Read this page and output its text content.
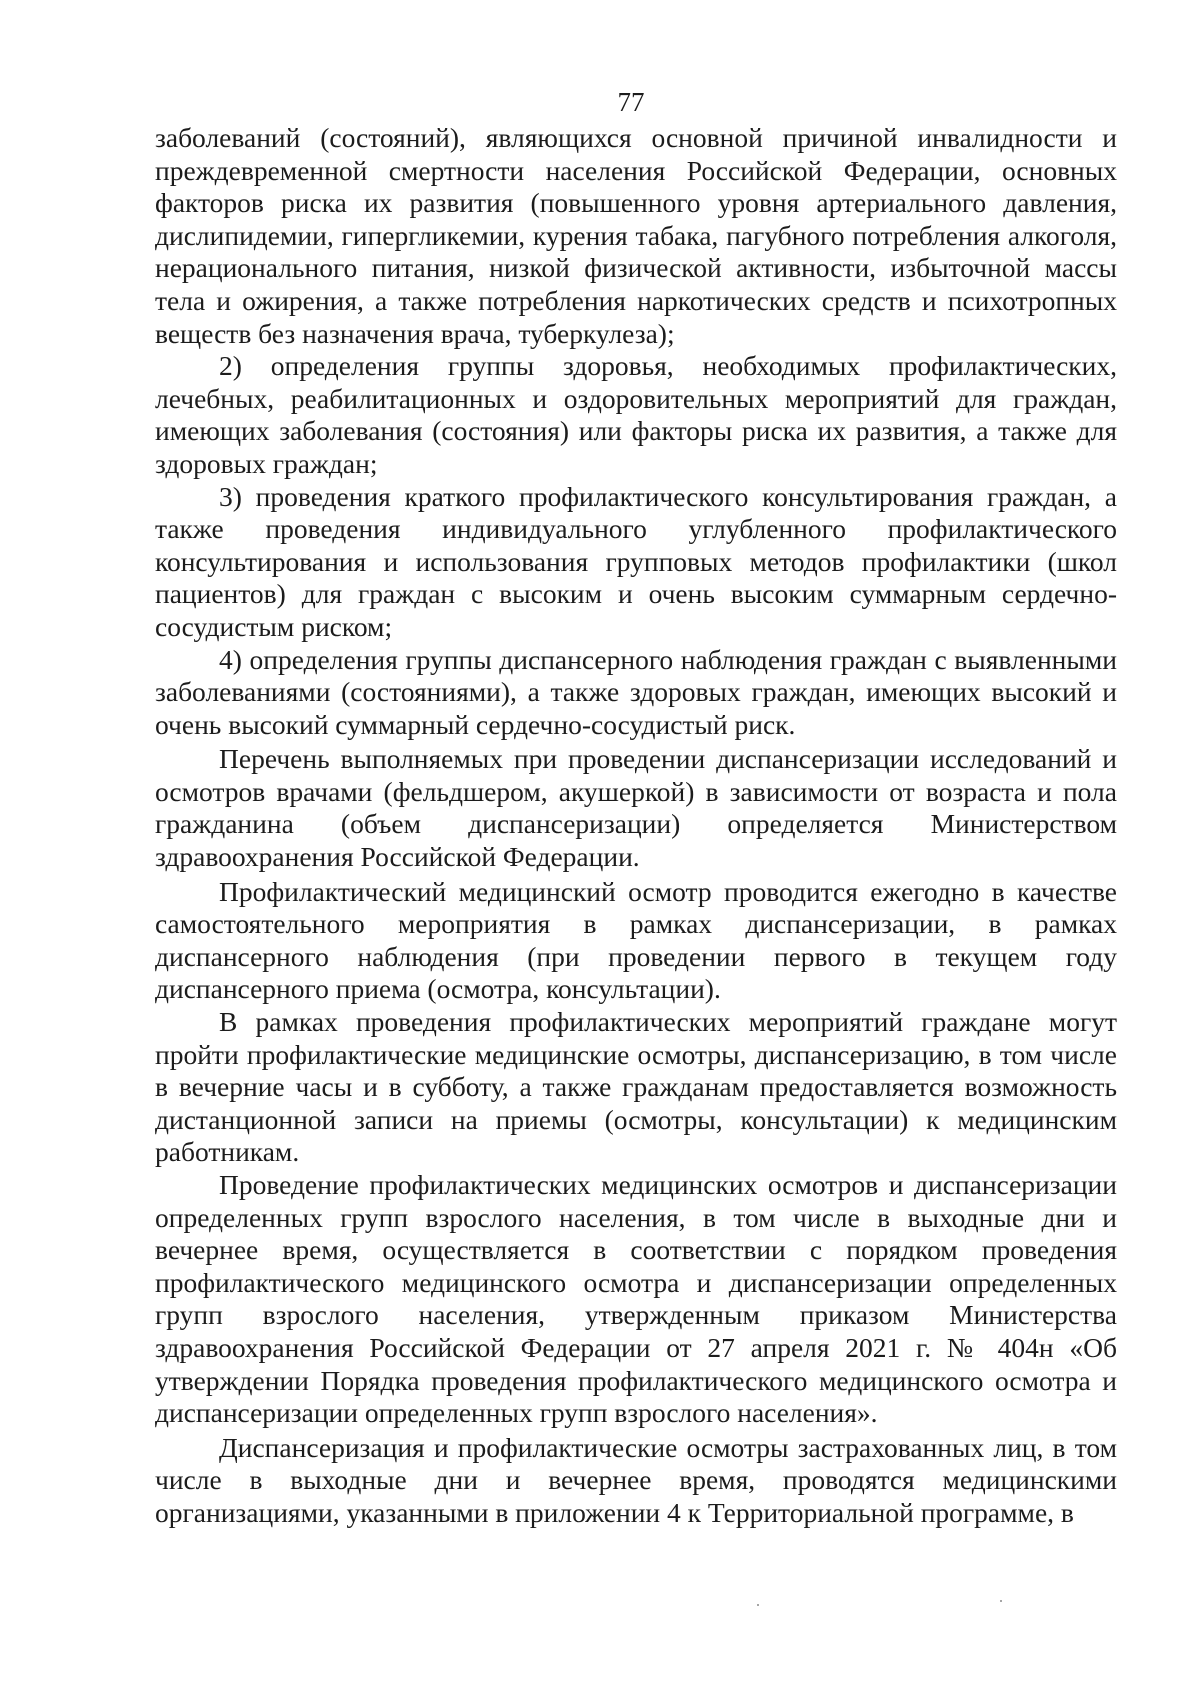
77

заболеваний (состояний), являющихся основной причиной инвалидности и преждевременной смертности населения Российской Федерации, основных факторов риска их развития (повышенного уровня артериального давления, дислипидемии, гипергликемии, курения табака, пагубного потребления алкоголя, нерационального питания, низкой физической активности, избыточной массы тела и ожирения, а также потребления наркотических средств и психотропных веществ без назначения врача, туберкулеза);

2) определения группы здоровья, необходимых профилактических, лечебных, реабилитационных и оздоровительных мероприятий для граждан, имеющих заболевания (состояния) или факторы риска их развития, а также для здоровых граждан;

3) проведения краткого профилактического консультирования граждан, а также проведения индивидуального углубленного профилактического консультирования и использования групповых методов профилактики (школ пациентов) для граждан с высоким и очень высоким суммарным сердечно-сосудистым риском;

4) определения группы диспансерного наблюдения граждан с выявленными заболеваниями (состояниями), а также здоровых граждан, имеющих высокий и очень высокий суммарный сердечно-сосудистый риск.

Перечень выполняемых при проведении диспансеризации исследований и осмотров врачами (фельдшером, акушеркой) в зависимости от возраста и пола гражданина (объем диспансеризации) определяется Министерством здравоохранения Российской Федерации.

Профилактический медицинский осмотр проводится ежегодно в качестве самостоятельного мероприятия в рамках диспансеризации, в рамках диспансерного наблюдения (при проведении первого в текущем году диспансерного приема (осмотра, консультации).

В рамках проведения профилактических мероприятий граждане могут пройти профилактические медицинские осмотры, диспансеризацию, в том числе в вечерние часы и в субботу, а также гражданам предоставляется возможность дистанционной записи на приемы (осмотры, консультации) к медицинским работникам.

Проведение профилактических медицинских осмотров и диспансеризации определенных групп взрослого населения, в том числе в выходные дни и вечернее время, осуществляется в соответствии с порядком проведения профилактического медицинского осмотра и диспансеризации определенных групп взрослого населения, утвержденным приказом Министерства здравоохранения Российской Федерации от 27 апреля 2021 г. № 404н «Об утверждении Порядка проведения профилактического медицинского осмотра и диспансеризации определенных групп взрослого населения».

Диспансеризация и профилактические осмотры застрахованных лиц, в том числе в выходные дни и вечернее время, проводятся медицинскими организациями, указанными в приложении 4 к Территориальной программе, в
